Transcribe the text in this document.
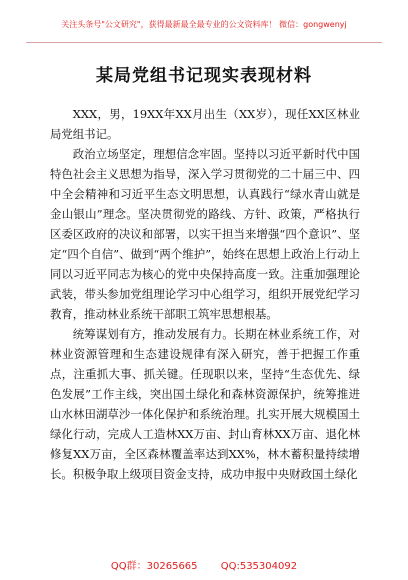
关注头条号"公文研究"，获得最新最全最专业的公文资料库！ 微信：gongwenyj
某局党组书记现实表现材料

XXX，男，19XX年XX月出生（XX岁），现任XX区林业局党组书记。

政治立场坚定，理想信念牢固。坚持以习近平新时代中国特色社会主义思想为指导，深入学习贯彻党的二十届三中、四中全会精神和习近平生态文明思想，认真践行“绿水青山就是金山银山”理念。坚决贯彻党的路线、方针、政策，严格执行区委区政府的决议和部署，以实干担当来增强“四个意识”、坚定“四个自信”、做到“两个维护”，始终在思想上政治上行动上同以习近平同志为核心的党中央保持高度一致。注重加强理论武装，带头参加党组理论学习中心组学习，组织开展党纪学习教育，推动林业系统干部职工筑牢思想根基。

统筹谋划有方，推动发展有力。长期在林业系统工作，对林业资源管理和生态建设规律有深入研究，善于把握工作重点，注重抓大事、抓关键。任现职以来，坚持“生态优先、绿色发展”工作主线，突出国土绿化和森林资源保护，统筹推进山水林田湖草沙一体化保护和系统治理。扎实开展大规模国土绿化行动，完成人工造林XX万亩、封山育林XX万亩、退化林修复XX万亩，全区森林覆盖率达到XX%，林木蓄积量持续增长。积极争取上级项目资金支持，成功申报中央财政国土绿化

QQ群：30265665 QQ:535304092
